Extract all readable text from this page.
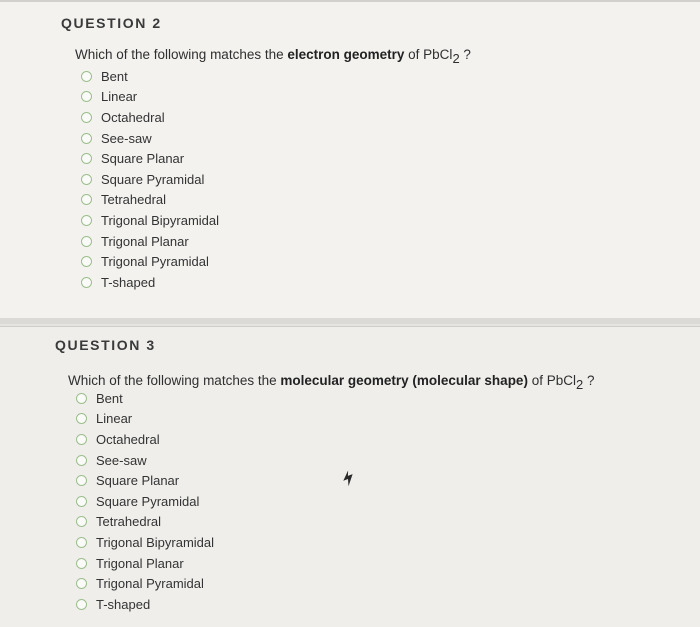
QUESTION 2
Which of the following matches the electron geometry of PbCl$_2$ ?
Bent
Linear
Octahedral
See-saw
Square Planar
Square Pyramidal
Tetrahedral
Trigonal Bipyramidal
Trigonal Planar
Trigonal Pyramidal
T-shaped
QUESTION 3
Which of the following matches the molecular geometry (molecular shape) of PbCl$_2$ ?
Bent
Linear
Octahedral
See-saw
Square Planar
Square Pyramidal
Tetrahedral
Trigonal Bipyramidal
Trigonal Planar
Trigonal Pyramidal
T-shaped
